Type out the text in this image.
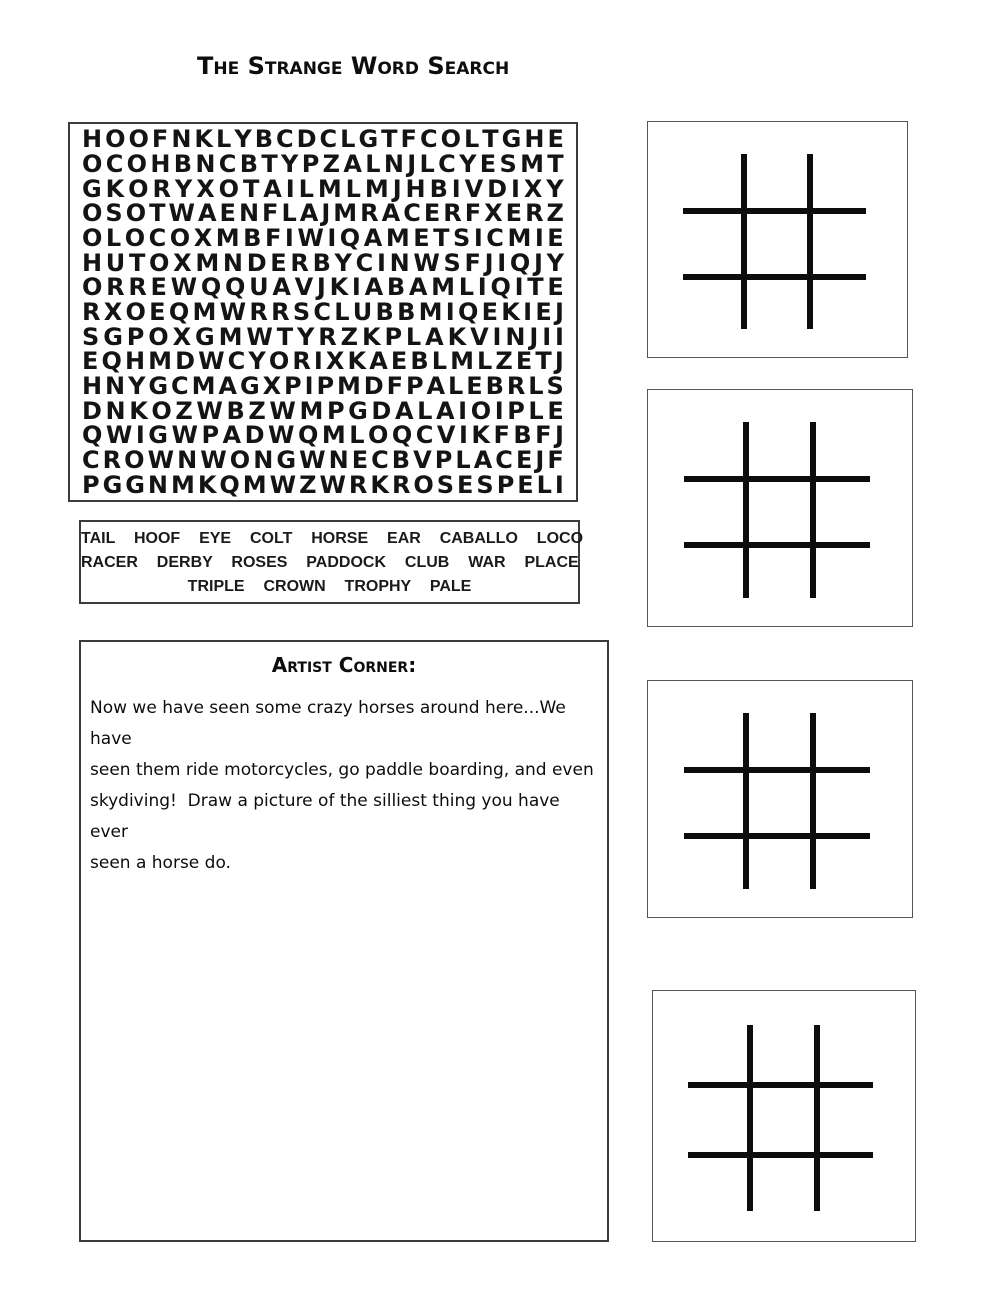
The Strange Word Search
H O O F N K L Y B C D C L G T F C O L T G H E
O C O H B N C B T Y P Z A L N J L C Y E S M T
G K O R Y X O T A I L M L M J H B I V D I X Y
O S O T W A E N F L A J M R A C E R F X E R Z
O L O C O X M B F I W I Q A M E T S I C M I E
H U T O X M N D E R B Y C I N W S F J I Q J Y
O R R E W Q Q U A V J K I A B A M L I Q I T E
R X O E Q M W R R S C L U B B M I Q E K I E J
S G P O X G M W T Y R Z K P L A K V I N J I I
E Q H M D W C Y O R I X K A E B L M L Z E T J
H N Y G C M A G X P I P M D F P A L E B R L S
D N K O Z W B Z W M P G D A L A I O I P L E
Q W I G W P A D W Q M L O Q C V I K F B F J
C R O W N W O N G W N E C B V P L A C E J F
P G G N M K Q M W Z W R K R O S E S P E L I
TAIL  HOOF  EYE  COLT  HORSE  EAR  CABALLO  LOCO
RACER  DERBY  ROSES  PADDOCK  CLUB  WAR  PLACE
TRIPLE  CROWN  TROPHY  PALE
Artist Corner:
Now we have seen some crazy horses around here...We have
seen them ride motorcycles, go paddle boarding, and even
skydiving!  Draw a picture of the silliest thing you have ever
seen a horse do.
